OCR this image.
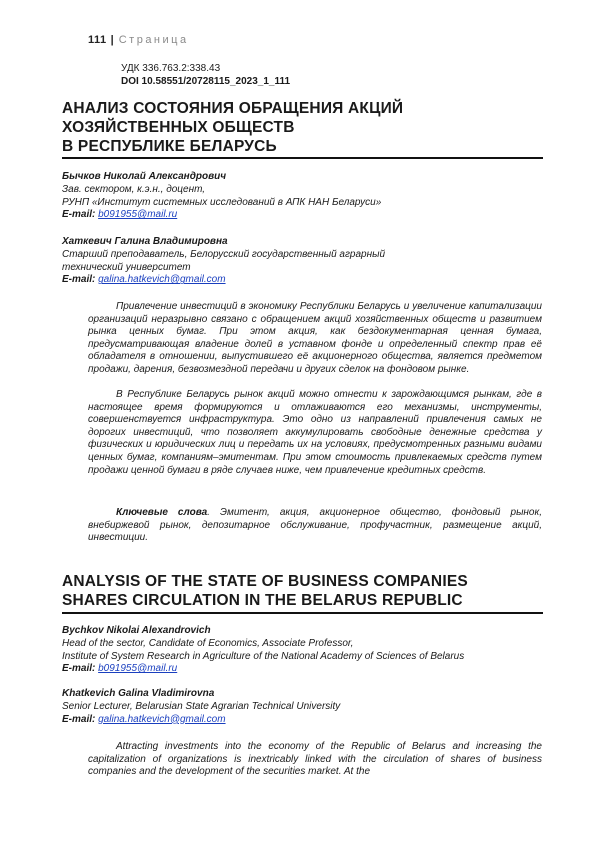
111 | Страница
УДК 336.763.2:338.43
DOI 10.58551/20728115_2023_1_111
АНАЛИЗ СОСТОЯНИЯ ОБРАЩЕНИЯ АКЦИЙ
ХОЗЯЙСТВЕННЫХ ОБЩЕСТВ
В РЕСПУБЛИКЕ БЕЛАРУСЬ
Бычков Николай Александрович
Зав. сектором, к.э.н., доцент,
РУНП «Институт системных исследований в АПК НАН Беларуси»
E-mail: b091955@mail.ru
Хаткевич Галина Владимировна
Старший преподаватель, Белорусский государственный аграрный
технический университет
E-mail: galina.hatkevich@gmail.com

Привлечение инвестиций в экономику Республики Беларусь и увеличение капитализации организаций неразрывно связано с обращением акций хозяйственных обществ и развитием рынка ценных бумаг. При этом акция, как бездокументарная ценная бумага, предусматривающая владение долей в уставном фонде и определенный спектр прав её обладателя в отношении, выпустившего её акционерного общества, является предметом продажи, дарения, безвозмездной передачи и других сделок на фондовом рынке.

В Республике Беларусь рынок акций можно отнести к зарождающимся рынкам, где в настоящее время формируются и отлаживаются его механизмы, инструменты, совершенствуется инфраструктура. Это одно из направлений привлечения самых не дорогих инвестиций, что позволяет аккумулировать свободные денежные средства у физических и юридических лиц и передать их на условиях, предусмотренных разными видами ценных бумаг, компаниям–эмитентам. При этом стоимость привлекаемых средств путем продажи ценной бумаги в ряде случаев ниже, чем привлечение кредитных средств.

Ключевые слова. Эмитент, акция, акционерное общество, фондовый рынок, внебиржевой рынок, депозитарное обслуживание, профучастник, размещение акций, инвестиции.

ANALYSIS OF THE STATE OF BUSINESS COMPANIES
SHARES CIRCULATION IN THE BELARUS REPUBLIC
Bychkov Nikolai Alexandrovich
Head of the sector, Candidate of Economics, Associate Professor,
Institute of System Research in Agriculture of the National Academy of Sciences of Belarus
E-mail: b091955@mail.ru
Khatkevich Galina Vladimirovna
Senior Lecturer, Belarusian State Agrarian Technical University
E-mail: galina.hatkevich@gmail.com

Attracting investments into the economy of the Republic of Belarus and increasing the capitalization of organizations is inextricably linked with the circulation of shares of business companies and the development of the securities market. At the
